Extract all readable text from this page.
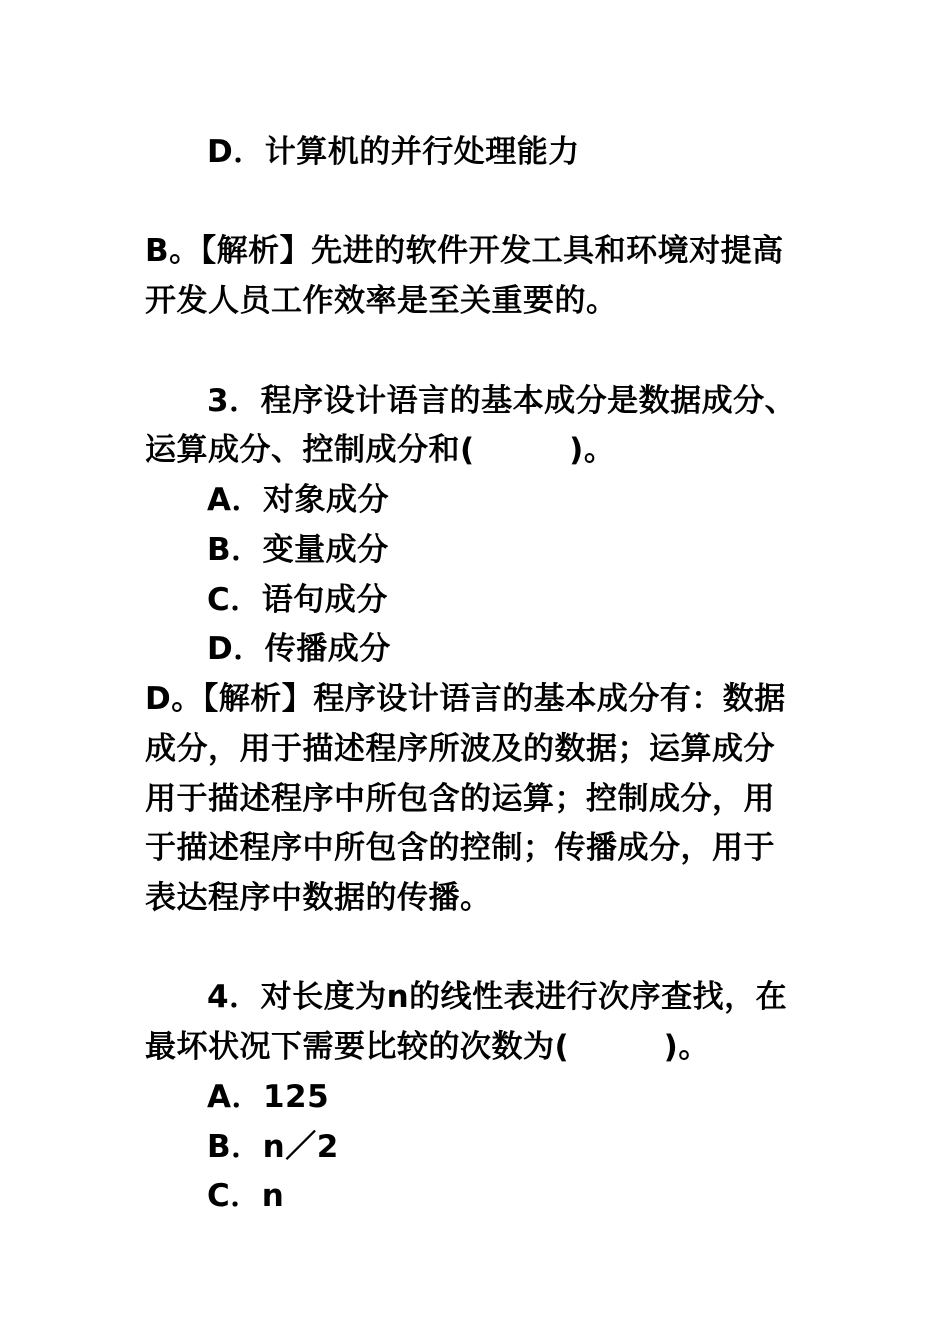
D．计算机的并行处理能力
B。【解析】先进的软件开发工具和环境对提高
开发人员工作效率是至关重要的。
3．程序设计语言的基本成分是数据成分、
运算成分、控制成分和(　　　)。
A．对象成分
B．变量成分
C．语句成分
D．传播成分
D。【解析】程序设计语言的基本成分有：数据
成分，用于描述程序所波及的数据；运算成分
用于描述程序中所包含的运算；控制成分，用
于描述程序中所包含的控制；传播成分，用于
表达程序中数据的传播。
4．对长度为n的线性表进行次序查找，在
最坏状况下需要比较的次数为(　　　)。
A．125
B．n／2
C．n
